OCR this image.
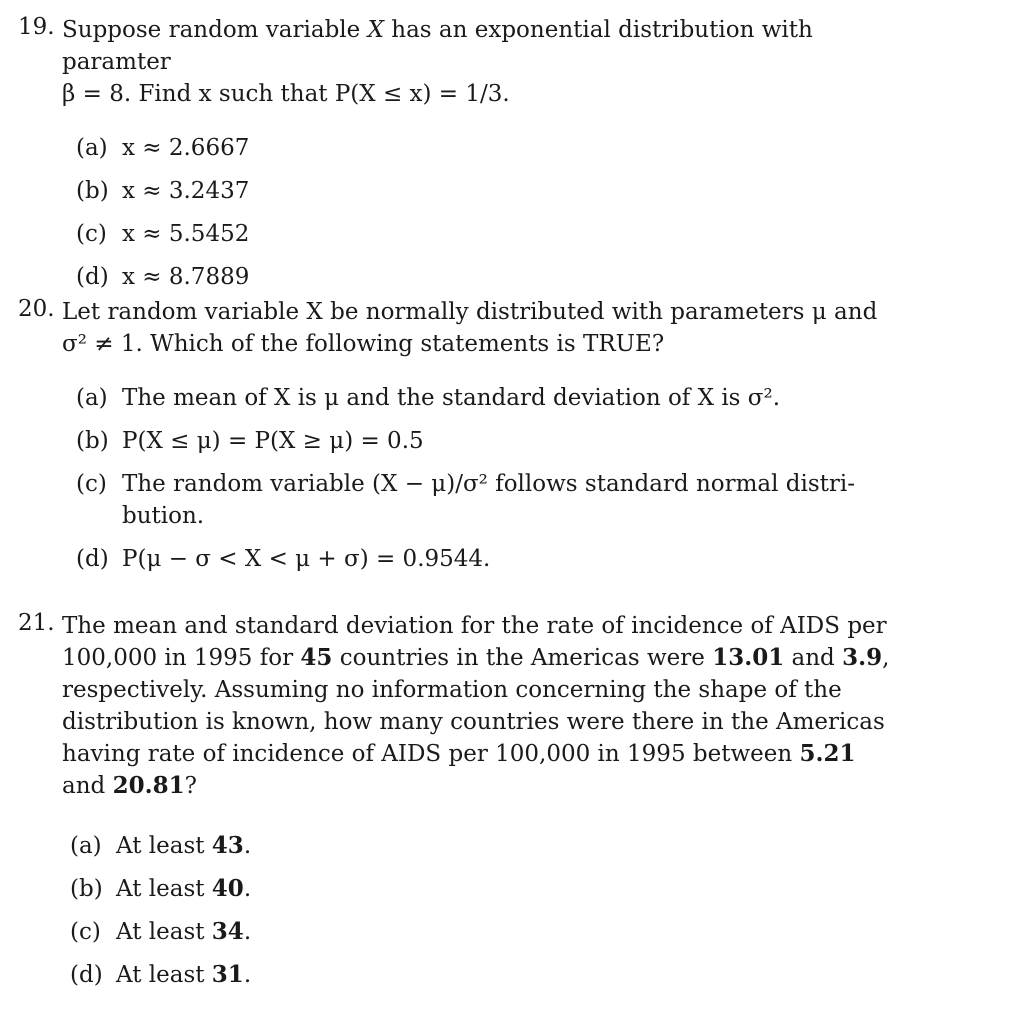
19. Suppose random variable X has an exponential distribution with paramter

β = 8. Find x such that P(X ≤ x) = 1/3.

(a) x ≈ 2.6667
(b) x ≈ 3.2437
(c) x ≈ 5.5452
(d) x ≈ 8.7889
20. Let random variable X be normally distributed with parameters μ and

σ² ≠ 1. Which of the following statements is TRUE?

(a) The mean of X is μ and the standard deviation of X is σ².
(b) P(X ≤ μ) = P(X ≥ μ) = 0.5
(c) The random variable (X − μ)/σ² follows standard normal distri-bution.
(d) P(μ − σ < X < μ + σ) = 0.9544.
21. The mean and standard deviation for the rate of incidence of AIDS per 100,000 in 1995 for 45 countries in the Americas were 13.01 and 3.9, respectively. Assuming no information concerning the shape of the distribution is known, how many countries were there in the Americas having rate of incidence of AIDS per 100,000 in 1995 between 5.21 and 20.81?

(a) At least 43.
(b) At least 40.
(c) At least 34.
(d) At least 31.
